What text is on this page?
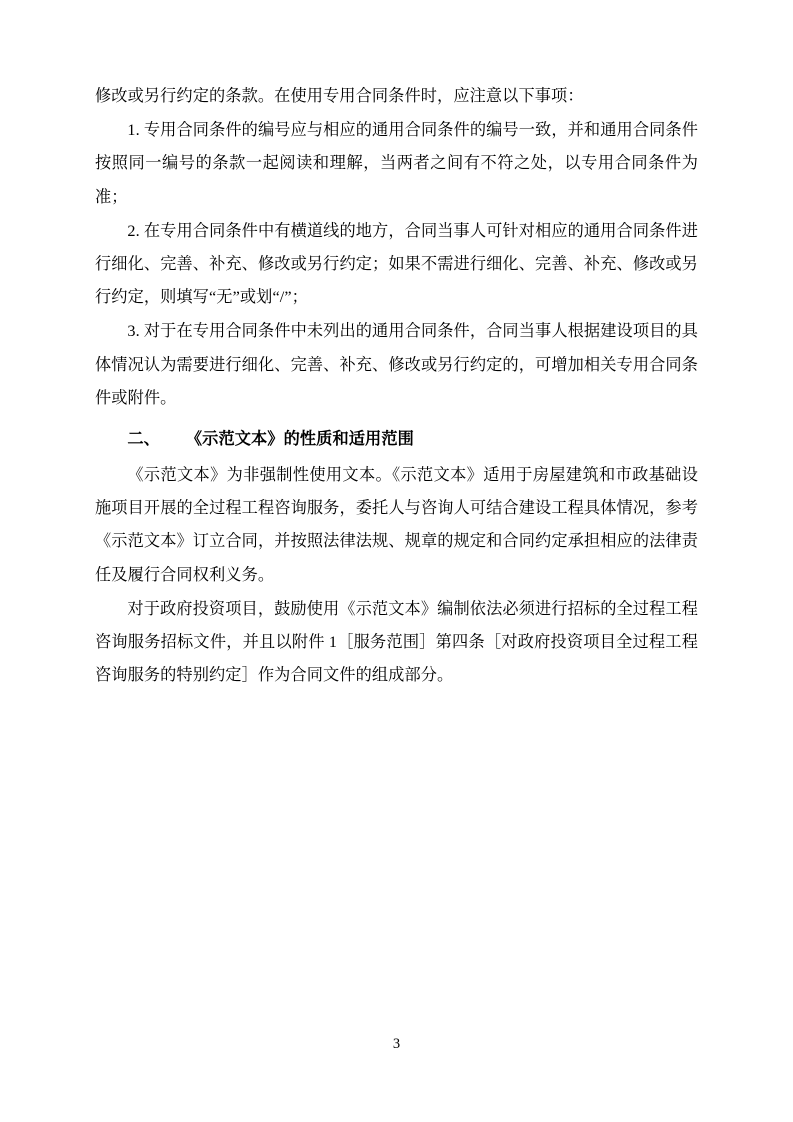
修改或另行约定的条款。在使用专用合同条件时，应注意以下事项：

1. 专用合同条件的编号应与相应的通用合同条件的编号一致，并和通用合同条件按照同一编号的条款一起阅读和理解，当两者之间有不符之处，以专用合同条件为准；

2. 在专用合同条件中有横道线的地方，合同当事人可针对相应的通用合同条件进行细化、完善、补充、修改或另行约定；如果不需进行细化、完善、补充、修改或另行约定，则填写“无”或划“/”；

3. 对于在专用合同条件中未列出的通用合同条件，合同当事人根据建设项目的具体情况认为需要进行细化、完善、补充、修改或另行约定的，可增加相关专用合同条件或附件。

二、 《示范文本》的性质和适用范围

《示范文本》为非强制性使用文本。《示范文本》适用于房屋建筑和市政基础设施项目开展的全过程工程咨询服务，委托人与咨询人可结合建设工程具体情况，参考《示范文本》订立合同，并按照法律法规、规章的规定和合同约定承担相应的法律责任及履行合同权利义务。

对于政府投资项目，鼓励使用《示范文本》编制依法必须进行招标的全过程工程咨询服务招标文件，并且以附件 1［服务范围］第四条［对政府投资项目全过程工程咨询服务的特别约定］作为合同文件的组成部分。

3
